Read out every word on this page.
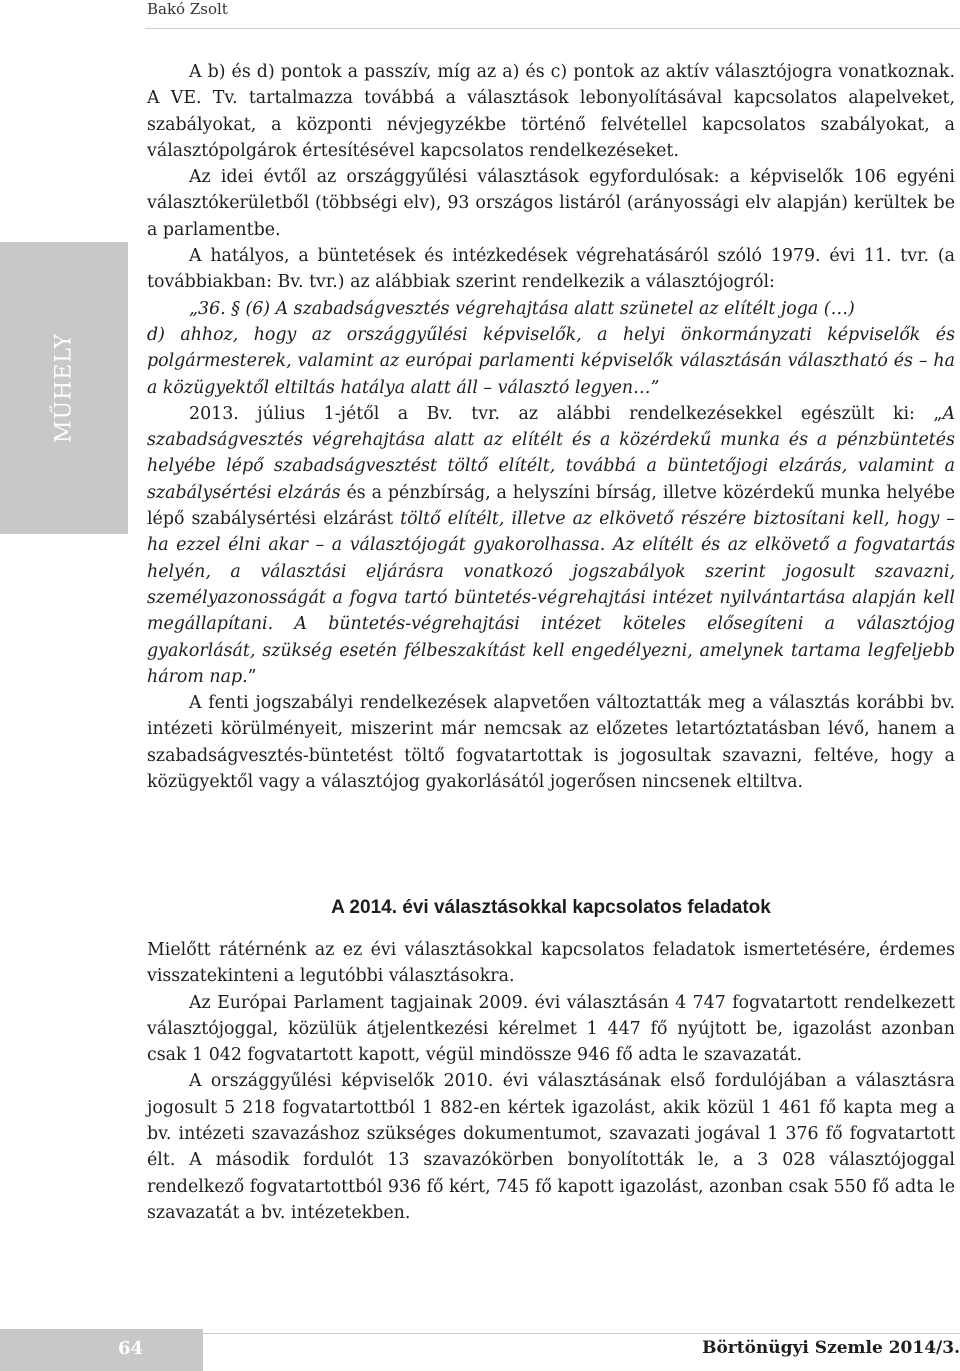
Bakó Zsolt
MŰHELY

A b) és d) pontok a passzív, míg az a) és c) pontok az aktív választójogra vonatkoznak. A VE. Tv. tartalmazza továbbá a választások lebonyolításával kapcsolatos alapelveket, szabályokat, a központi névjegyzékbe történő felvétellel kapcsolatos szabályokat, a választópolgárok értesítésével kapcsolatos rendelkezéseket.

Az idei évtől az országgyűlési választások egyfordulósak: a képviselők 106 egyéni választókerületből (többségi elv), 93 országos listáról (arányossági elv alapján) kerültek be a parlamentbe.

A hatályos, a büntetések és intézkedések végrehatásáról szóló 1979. évi 11. tvr. (a továbbiakban: Bv. tvr.) az alábbiak szerint rendelkezik a választójogról:

„36. § (6) A szabadságvesztés végrehajtása alatt szünetel az elítélt joga (…)

d) ahhoz, hogy az országgyűlési képviselők, a helyi önkormányzati képviselők és polgármesterek, valamint az európai parlamenti képviselők választásán választható és – ha a közügyektől eltiltás hatálya alatt áll – választó legyen…”

2013. július 1-jétől a Bv. tvr. az alábbi rendelkezésekkel egészült ki: „A szabadságvesztés végrehajtása alatt az elítélt és a közérdekű munka és a pénzbüntetés helyébe lépő szabadságvesztést töltő elítélt, továbbá a büntetőjogi elzárás, valamint a szabálysértési elzárás és a pénzbírság, a helyszíni bírság, illetve közérdekű munka helyébe lépő szabálysértési elzárást töltő elítélt, illetve az elkövető részére biztosítani kell, hogy – ha ezzel élni akar – a választójogát gyakorolhassa. Az elítélt és az elkövető a fogvatartás helyén, a választási eljárásra vonatkozó jogszabályok szerint jogosult szavazni, személyazonosságát a fogva tartó büntetés-végrehajtási intézet nyilvántartása alapján kell megállapítani. A büntetés-végrehajtási intézet köteles elősegíteni a választójog gyakorlását, szükség esetén félbeszakítást kell engedélyezni, amelynek tartama legfeljebb három nap.”

A fenti jogszabályi rendelkezések alapvetően változtatták meg a választás korábbi bv. intézeti körülményeit, miszerint már nemcsak az előzetes letartóztatásban lévő, hanem a szabadságvesztés-büntetést töltő fogvatartottak is jogosultak szavazni, feltéve, hogy a közügyektől vagy a választójog gyakorlásától jogerősen nincsenek eltiltva.

A 2014. évi választásokkal kapcsolatos feladatok

Mielőtt rátérnénk az ez évi választásokkal kapcsolatos feladatok ismertetésére, érdemes visszatekinteni a legutóbbi választásokra.

Az Európai Parlament tagjainak 2009. évi választásán 4 747 fogvatartott rendelkezett választójoggal, közülük átjelentkezési kérelmet 1 447 fő nyújtott be, igazolást azonban csak 1 042 fogvatartott kapott, végül mindössze 946 fő adta le szavazatát.

A országgyűlési képviselők 2010. évi választásának első fordulójában a választásra jogosult 5 218 fogvatartottból 1 882-en kértek igazolást, akik közül 1 461 fő kapta meg a bv. intézeti szavazáshoz szükséges dokumentumot, szavazati jogával 1 376 fő fogvatartott élt. A második fordulót 13 szavazókörben bonyolították le, a 3 028 választójoggal rendelkező fogvatartottból 936 fő kért, 745 fő kapott igazolást, azonban csak 550 fő adta le szavazatát a bv. intézetekben.

64	Börtönügyi Szemle 2014/3.
